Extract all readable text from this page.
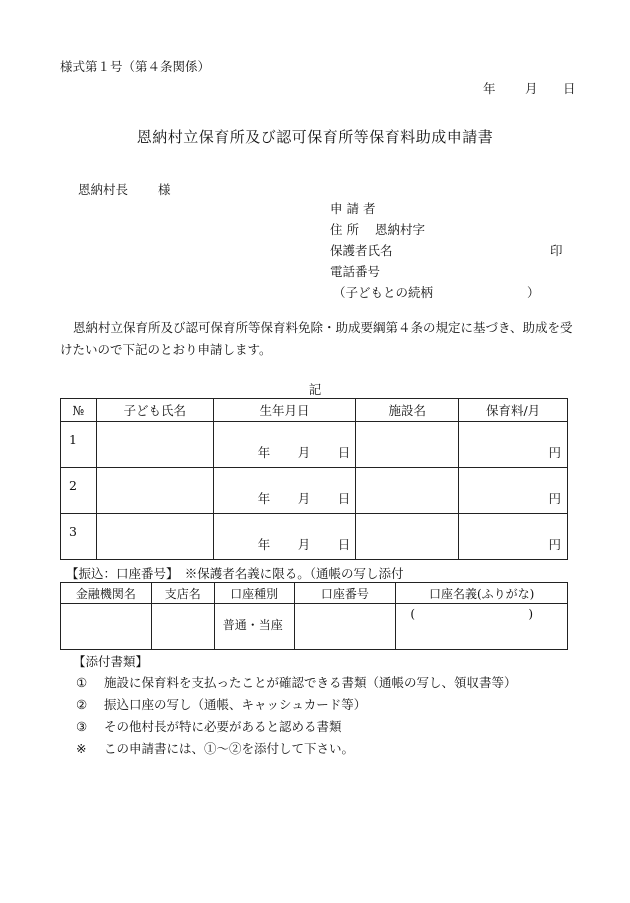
様式第１号（第４条関係）
年 月 日
恩納村立保育所及び認可保育所等保育料助成申請書
恩納村長 様
申 請 者
住 所 恩納村字
保護者氏名	印
電話番号
（子どもとの続柄	）
恩納村立保育所及び認可保育所等保育料免除・助成要綱第４条の規定に基づき、助成を受けたいので下記のとおり申請します。
記
№	子ども氏名	生年月日	施設名	保育料/月

1		年 月 日		円

2		年 月 日		円

3		年 月 日		円
【振込：口座番号】　※保護者名義に限る。（通帳の写し添付
金融機関名	支店名	口座種別	口座番号	口座名義(ふりがな)

		普通・当座		( )
【添付書類】
① 施設に保育料を支払ったことが確認できる書類（通帳の写し、領収書等）
② 振込口座の写し（通帳、キャッシュカード等）
③ その他村長が特に必要があると認める書類
※ この申請書には、①～②を添付して下さい。
